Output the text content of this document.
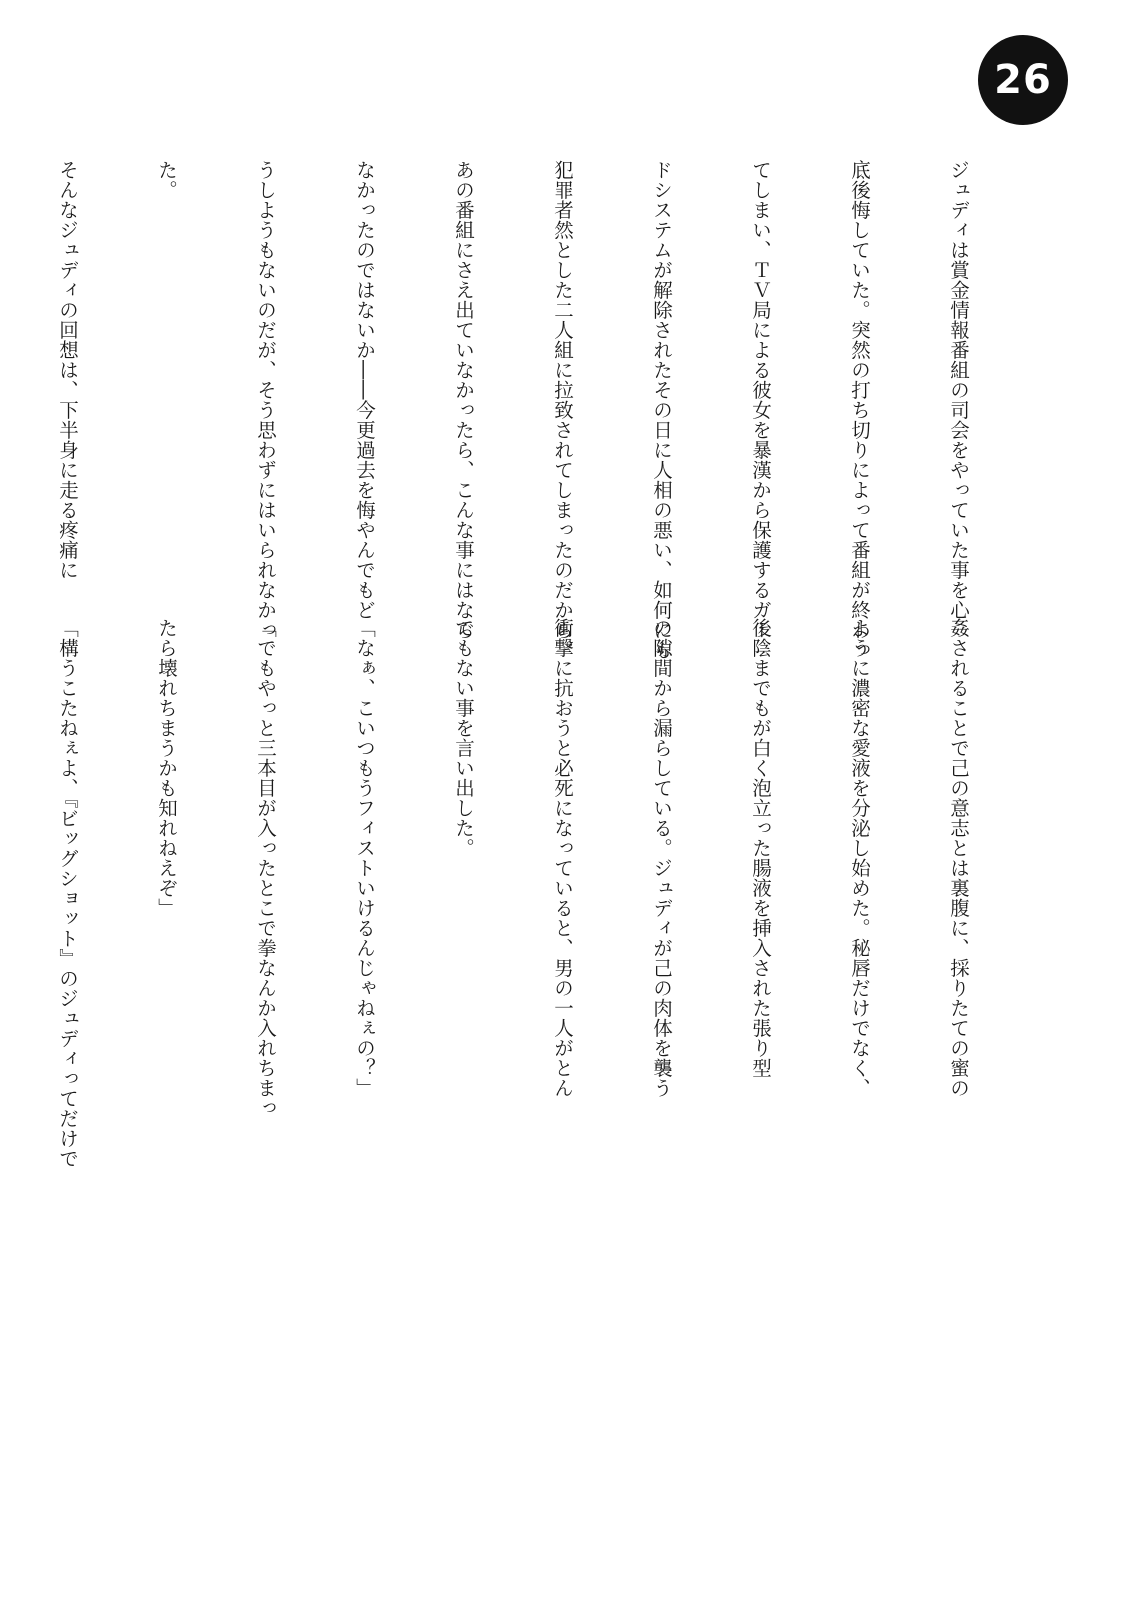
26

ジュディは賞金情報番組の司会をやっていた事を心

底後悔していた。突然の打ち切りによって番組が終わっ

てしまい、ＴＶ局による彼女を暴漢から保護するガー

ドシステムが解除されたその日に人相の悪い、如何にも

犯罪者然とした二人組に拉致されてしまったのだから。

あの番組にさえ出ていなかったら、こんな事にはなら

なかったのではないか――今更過去を悔やんでもど

うしようもないのだが、そう思わずにはいられなかっ

た。

そんなジュディの回想は、下半身に走る疼痛に

姦されることで己の意志とは裏腹に、採りたての蜜の

ように濃密な愛液を分泌し始めた。秘唇だけでなく、

後陰までもが白く泡立った腸液を挿入された張り型

の隙間から漏らしている。ジュディが己の肉体を襲う

衝撃に抗おうと必死になっていると、男の一人がとん

でもない事を言い出した。

「なぁ、こいつもうフィストいけるんじゃねぇの？」

「でもやっと三本目が入ったとこで拳なんか入れちまっ

たら壊れちまうかも知れねえぞ」

「構うこたねぇよ、『ビッグショット』のジュディってだけで
